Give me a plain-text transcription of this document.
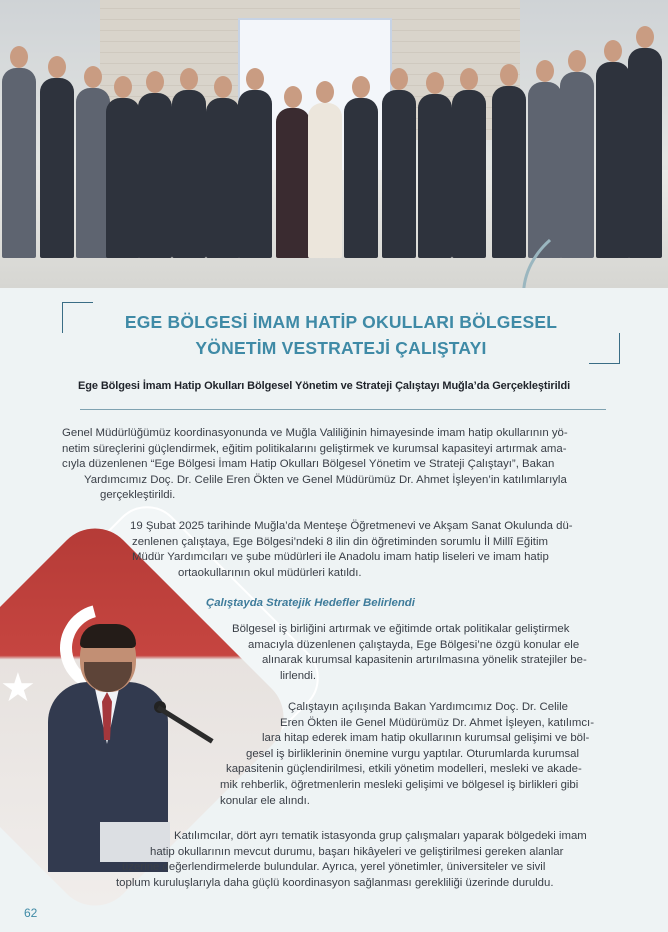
EGE BÖLGESİ İMAM HATİP OKULLARI BÖLGESEL
YÖNETİM VESTRATEJİ ÇALIŞTAYI
Ege Bölgesi İmam Hatip Okulları Bölgesel Yönetim ve Strateji Çalıştayı Muğla’da Gerçekleştirildi
Genel Müdürlüğümüz koordinasyonunda ve Muğla Valiliğinin himayesinde imam hatip okullarının yö-
netim süreçlerini güçlendirmek, eğitim politikalarını geliştirmek ve kurumsal kapasiteyi artırmak ama-
cıyla düzenlenen “Ege Bölgesi İmam Hatip Okulları Bölgesel Yönetim ve Strateji Çalıştayı”, Bakan
Yardımcımız Doç. Dr. Celile Eren Ökten ve Genel Müdürümüz Dr. Ahmet İşleyen’in katılımlarıyla
gerçekleştirildi.
★
19 Şubat 2025 tarihinde Muğla’da Menteşe Öğretmenevi ve Akşam Sanat Okulunda dü-
zenlenen çalıştaya, Ege Bölgesi’ndeki 8 ilin din öğretiminden sorumlu İl Millî Eğitim
Müdür Yardımcıları ve şube müdürleri ile Anadolu imam hatip liseleri ve imam hatip
ortaokullarının okul müdürleri katıldı.
Çalıştayda Stratejik Hedefler Belirlendi
Bölgesel iş birliğini artırmak ve eğitimde ortak politikalar geliştirmek
amacıyla düzenlenen çalıştayda, Ege Bölgesi’ne özgü konular ele
alınarak kurumsal kapasitenin artırılmasına yönelik stratejiler be-
lirlendi.
Çalıştayın açılışında Bakan Yardımcımız Doç. Dr. Celile
Eren Ökten ile Genel Müdürümüz Dr. Ahmet İşleyen, katılımcı-
lara hitap ederek imam hatip okullarının kurumsal gelişimi ve böl-
gesel iş birliklerinin önemine vurgu yaptılar. Oturumlarda kurumsal
kapasitenin güçlendirilmesi, etkili yönetim modelleri, mesleki ve akade-
mik rehberlik, öğretmenlerin mesleki gelişimi ve bölgesel iş birlikleri gibi
konular ele alındı.
Katılımcılar, dört ayrı tematik istasyonda grup çalışmaları yaparak bölgedeki imam
hatip okullarının mevcut durumu, başarı hikâyeleri ve geliştirilmesi gereken alanlar
üzerine değerlendirmelerde bulundular. Ayrıca, yerel yönetimler, üniversiteler ve sivil
toplum kuruluşlarıyla daha güçlü koordinasyon sağlanması gerekliliği üzerinde duruldu.
62
